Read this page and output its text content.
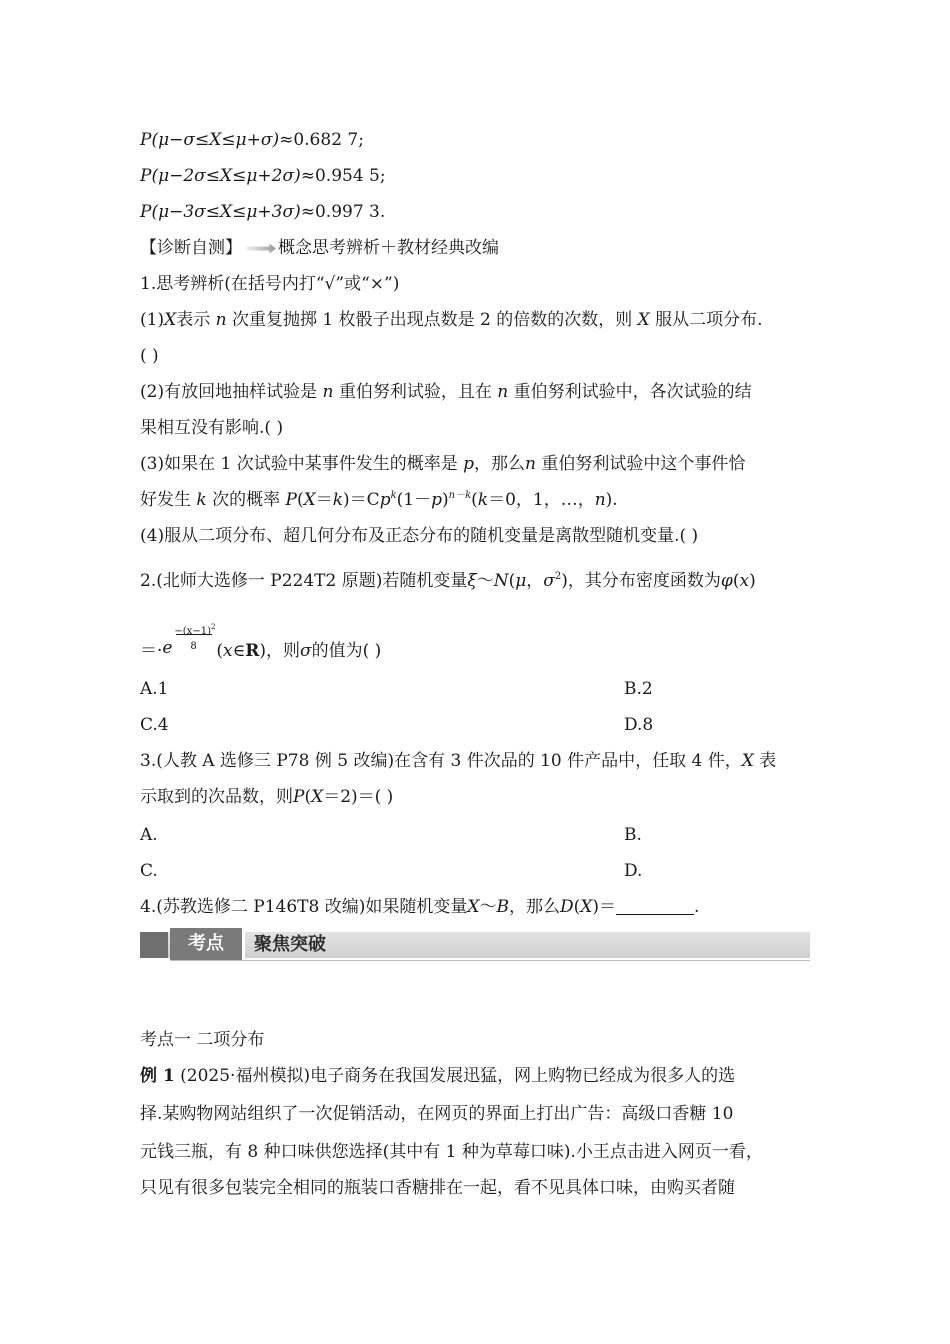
P(μ−σ≤X≤μ+σ)≈0.682 7;
P(μ−2σ≤X≤μ+2σ)≈0.954 5;
P(μ−3σ≤X≤μ+3σ)≈0.997 3.
【诊断自测】 概念思考辨析＋教材经典改编
1.思考辨析(在括号内打“√”或“×”)
(1)X表示 n 次重复抛掷 1 枚骰子出现点数是 2 的倍数的次数，则 X 服从二项分布.
( )
(2)有放回地抽样试验是 n 重伯努利试验，且在 n 重伯努利试验中，各次试验的结
果相互没有影响.( )
(3)如果在 1 次试验中某事件发生的概率是 p，那么n 重伯努利试验中这个事件恰
好发生 k 次的概率 $P(X=k)=Cp^k(1-p)^{n-k}(k=0$，1，…，n).
(4)服从二项分布、超几何分布及正态分布的随机变量是离散型随机变量.( )
2.(北师大选修一 P224T2 原题)若随机变量ξ～N(μ，$\sigma^2$)，其分布密度函数为φ(x)
＝· e
$-(x-1)^2$
8 (x∈R)，则σ的值为( )
A.1	B.2
C.4	D.8
3.(人教 A 选修三 P78 例 5 改编)在含有 3 件次品的 10 件产品中，任取 4 件，X 表
示取到的次品数，则P(X＝2)＝( )
A.	B.
C.	D.
4.(苏教选修二 P146T8 改编)如果随机变量X～B，那么D(X)＝	.
考点	聚焦突破
考点一 二项分布
例 1 (2025·福州模拟)电子商务在我国发展迅猛，网上购物已经成为很多人的选
择.某购物网站组织了一次促销活动，在网页的界面上打出广告：高级口香糖 10
元钱三瓶，有 8 种口味供您选择(其中有 1 种为草莓口味).小王点击进入网页一看，
只见有很多包装完全相同的瓶装口香糖排在一起，看不见具体口味，由购买者随
